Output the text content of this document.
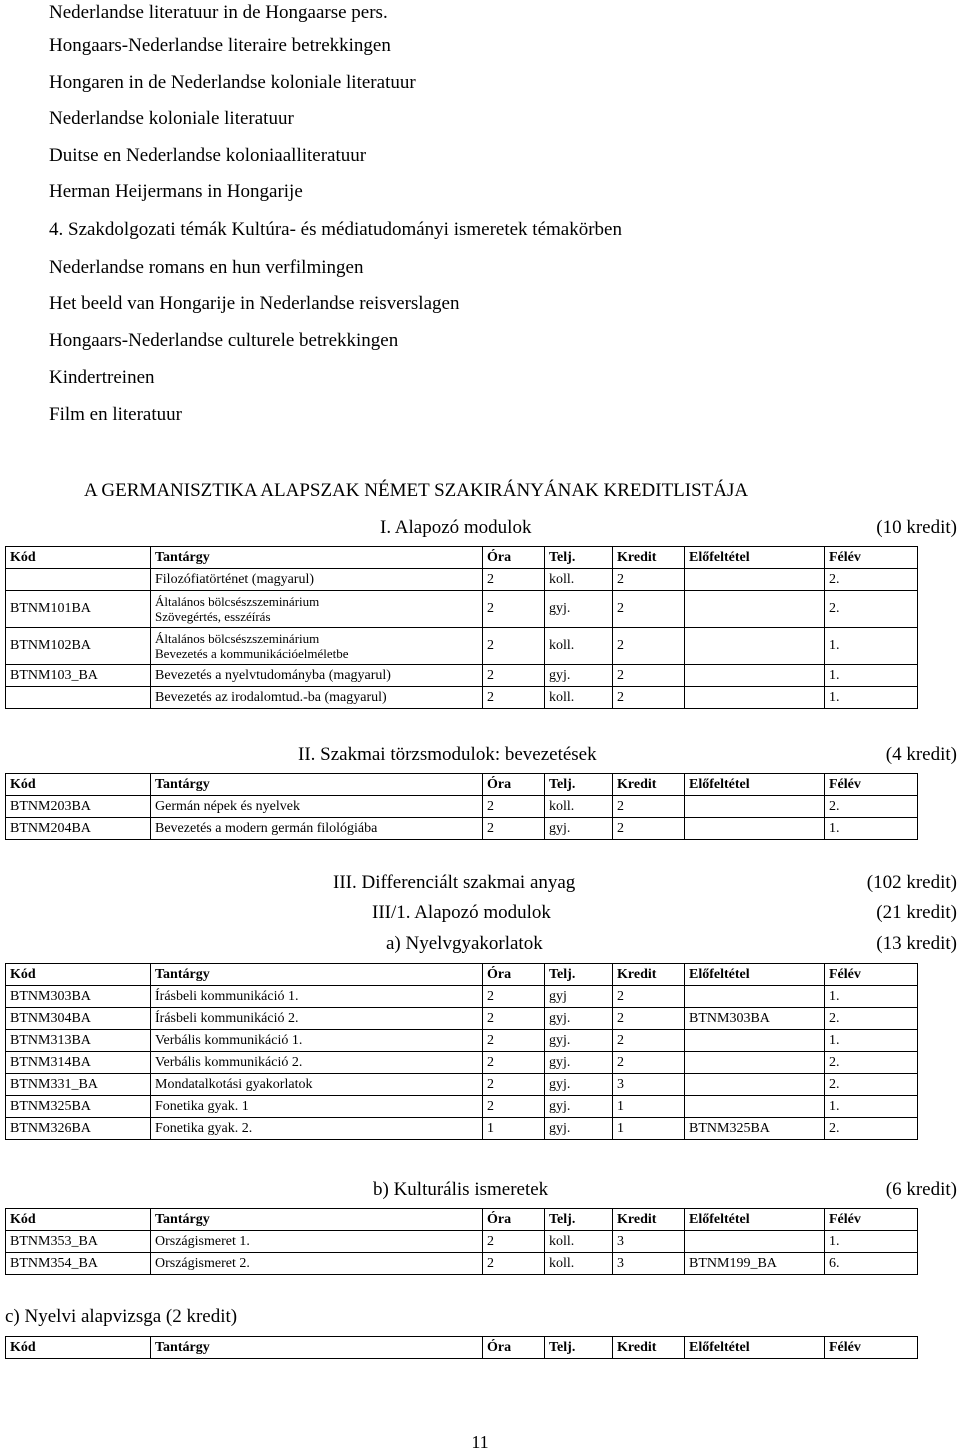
Nederlandse literatuur in de Hongaarse pers.
Hongaars-Nederlandse literaire betrekkingen
Hongaren in de Nederlandse koloniale literatuur
Nederlandse koloniale literatuur
Duitse en Nederlandse koloniaalliteratuur
Herman Heijermans in Hongarije
4. Szakdolgozati témák Kultúra- és médiatudományi ismeretek témakörben
Nederlandse romans en hun verfilmingen
Het beeld van Hongarije in Nederlandse reisverslagen
Hongaars-Nederlandse culturele betrekkingen
Kindertreinen
Film en literatuur
A GERMANISZTIKA ALAPSZAK NÉMET SZAKIRÁNYÁNAK KREDITLISTÁJA
I. Alapozó modulok	(10 kredit)
Kód	Tantárgy	Óra	Telj.	Kredit	Előfeltétel	Félév
	Filozófiatörténet (magyarul)	2	koll.	2		2.
BTNM101BA	Általános bölcsészszeminárium
Szövegértés, esszéírás	2	gyj.	2		2.
BTNM102BA	Általános bölcsészszeminárium
Bevezetés a kommunikációelméletbe	2	koll.	2		1.
BTNM103_BA	Bevezetés a nyelvtudományba (magyarul)	2	gyj.	2		1.
	Bevezetés az irodalomtud.-ba (magyarul)	2	koll.	2		1.
II. Szakmai törzsmodulok: bevezetések	(4 kredit)
Kód	Tantárgy	Óra	Telj.	Kredit	Előfeltétel	Félév
BTNM203BA	Germán népek és nyelvek	2	koll.	2		2.
BTNM204BA	Bevezetés a modern germán filológiába	2	gyj.	2		1.
III. Differenciált szakmai anyag	(102 kredit)
III/1. Alapozó modulok	(21 kredit)
a) Nyelvgyakorlatok	(13 kredit)
Kód	Tantárgy	Óra	Telj.	Kredit	Előfeltétel	Félév
BTNM303BA	Írásbeli kommunikáció 1.	2	gyj	2		1.
BTNM304BA	Írásbeli kommunikáció 2.	2	gyj.	2	BTNM303BA	2.
BTNM313BA	Verbális kommunikáció 1.	2	gyj.	2		1.
BTNM314BA	Verbális kommunikáció 2.	2	gyj.	2		2.
BTNM331_BA	Mondatalkotási gyakorlatok	2	gyj.	3		2.
BTNM325BA	Fonetika gyak. 1	2	gyj.	1		1.
BTNM326BA	Fonetika gyak. 2.	1	gyj.	1	BTNM325BA	2.
b) Kulturális ismeretek	(6 kredit)
Kód	Tantárgy	Óra	Telj.	Kredit	Előfeltétel	Félév
BTNM353_BA	Országismeret 1.	2	koll.	3		1.
BTNM354_BA	Országismeret 2.	2	koll.	3	BTNM199_BA	6.
c) Nyelvi alapvizsga (2 kredit)
Kód	Tantárgy	Óra	Telj.	Kredit	Előfeltétel	Félév
11
